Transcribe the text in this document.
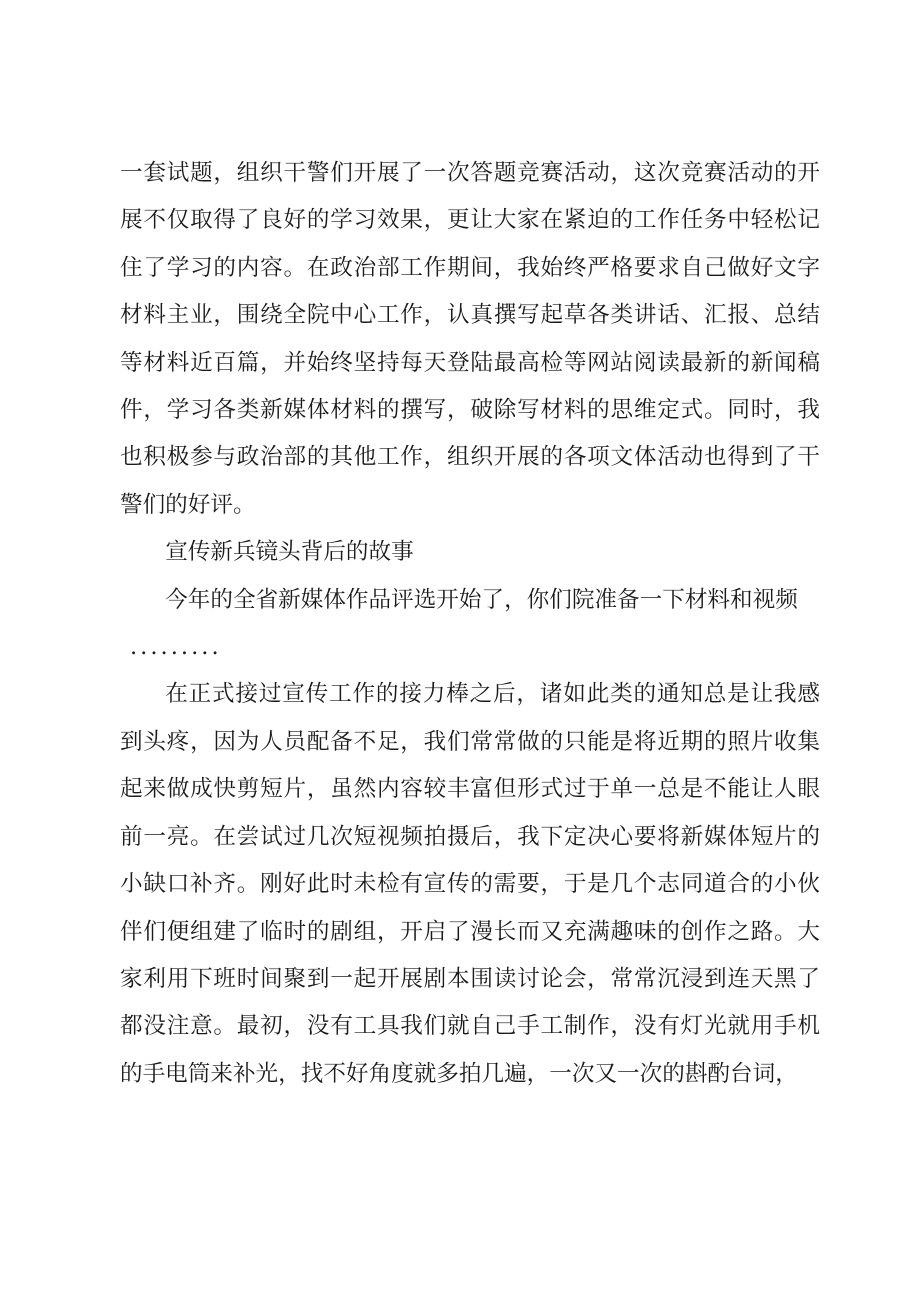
一套试题，组织干警们开展了一次答题竞赛活动，这次竞赛活动的开展不仅取得了良好的学习效果，更让大家在紧迫的工作任务中轻松记住了学习的内容。在政治部工作期间，我始终严格要求自己做好文字材料主业，围绕全院中心工作，认真撰写起草各类讲话、汇报、总结等材料近百篇，并始终坚持每天登陆最高检等网站阅读最新的新闻稿件，学习各类新媒体材料的撰写，破除写材料的思维定式。同时，我也积极参与政治部的其他工作，组织开展的各项文体活动也得到了干警们的好评。

宣传新兵镜头背后的故事

今年的全省新媒体作品评选开始了，你们院准备一下材料和视频

.........

在正式接过宣传工作的接力棒之后，诸如此类的通知总是让我感到头疼，因为人员配备不足，我们常常做的只能是将近期的照片收集起来做成快剪短片，虽然内容较丰富但形式过于单一总是不能让人眼前一亮。在尝试过几次短视频拍摄后，我下定决心要将新媒体短片的小缺口补齐。刚好此时未检有宣传的需要，于是几个志同道合的小伙伴们便组建了临时的剧组，开启了漫长而又充满趣味的创作之路。大家利用下班时间聚到一起开展剧本围读讨论会，常常沉浸到连天黑了都没注意。最初，没有工具我们就自己手工制作，没有灯光就用手机的手电筒来补光，找不好角度就多拍几遍，一次又一次的斟酌台词，
